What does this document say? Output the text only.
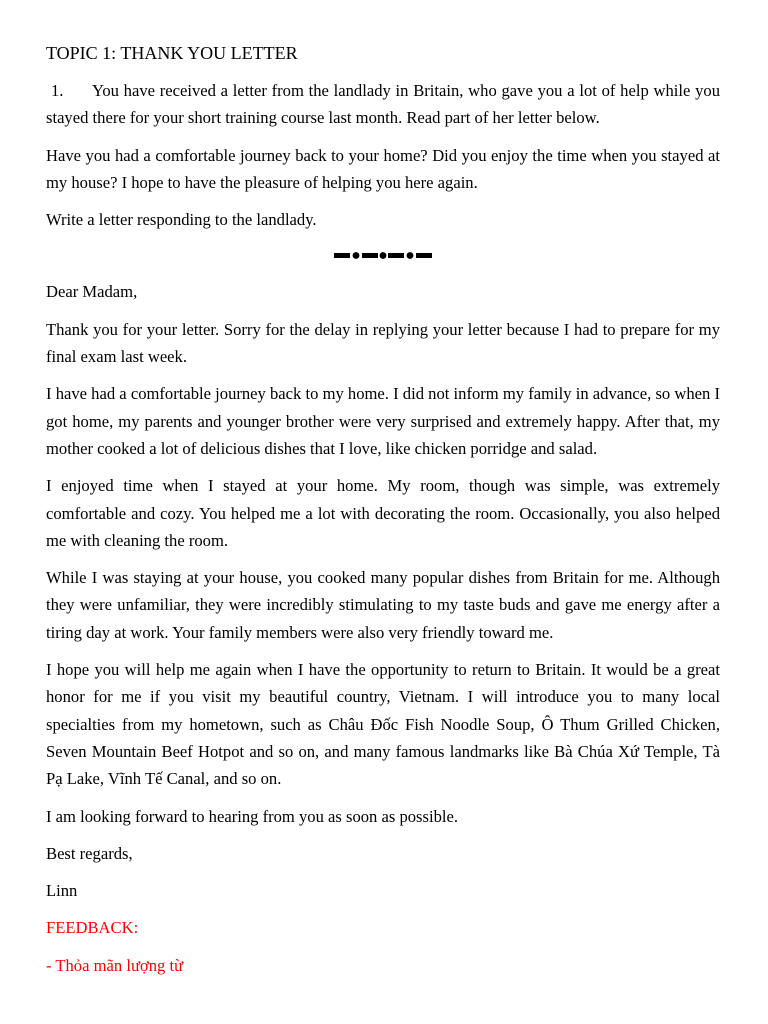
TOPIC 1: THANK YOU LETTER

1. You have received a letter from the landlady in Britain, who gave you a lot of help while you stayed there for your short training course last month. Read part of her letter below.

Have you had a comfortable journey back to your home? Did you enjoy the time when you stayed at my house? I hope to have the pleasure of helping you here again.

Write a letter responding to the landlady.

Dear Madam,

Thank you for your letter. Sorry for the delay in replying your letter because I had to prepare for my final exam last week.

I have had a comfortable journey back to my home. I did not inform my family in advance, so when I got home, my parents and younger brother were very surprised and extremely happy. After that, my mother cooked a lot of delicious dishes that I love, like chicken porridge and salad.

I enjoyed time when I stayed at your home. My room, though was simple, was extremely comfortable and cozy. You helped me a lot with decorating the room. Occasionally, you also helped me with cleaning the room.

While I was staying at your house, you cooked many popular dishes from Britain for me. Although they were unfamiliar, they were incredibly stimulating to my taste buds and gave me energy after a tiring day at work. Your family members were also very friendly toward me.

I hope you will help me again when I have the opportunity to return to Britain. It would be a great honor for me if you visit my beautiful country, Vietnam. I will introduce you to many local specialties from my hometown, such as Châu Đốc Fish Noodle Soup, Ô Thum Grilled Chicken, Seven Mountain Beef Hotpot and so on, and many famous landmarks like Bà Chúa Xứ Temple, Tà Pạ Lake, Vĩnh Tế Canal, and so on.

I am looking forward to hearing from you as soon as possible.

Best regards,

Linn

FEEDBACK:

- Thỏa mãn lượng từ
